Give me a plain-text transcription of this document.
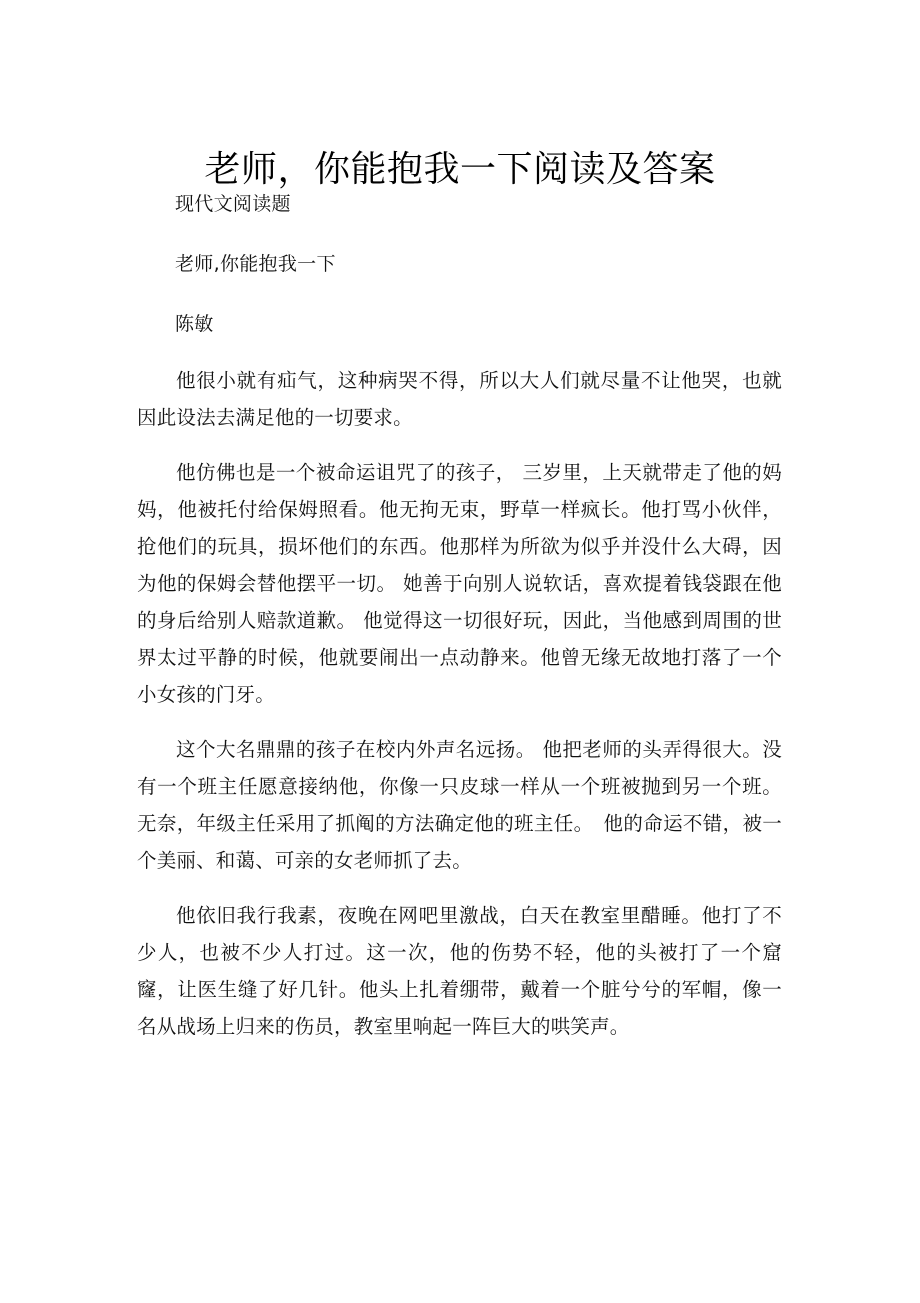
老师，你能抱我一下阅读及答案

现代文阅读题

老师,你能抱我一下

陈敏

他很小就有疝气，这种病哭不得，所以大人们就尽量不让他哭，也就因此设法去满足他的一切要求。

他仿佛也是一个被命运诅咒了的孩子， 三岁里，上天就带走了他的妈妈，他被托付给保姆照看。他无拘无束，野草一样疯长。他打骂小伙伴，抢他们的玩具，损坏他们的东西。他那样为所欲为似乎并没什么大碍，因为他的保姆会替他摆平一切。 她善于向别人说软话，喜欢提着钱袋跟在他的身后给别人赔款道歉。 他觉得这一切很好玩，因此，当他感到周围的世界太过平静的时候，他就要闹出一点动静来。他曾无缘无故地打落了一个小女孩的门牙。

这个大名鼎鼎的孩子在校内外声名远扬。 他把老师的头弄得很大。没有一个班主任愿意接纳他，你像一只皮球一样从一个班被抛到另一个班。无奈，年级主任采用了抓阄的方法确定他的班主任。　他的命运不错，被一个美丽、和蔼、可亲的女老师抓了去。

他依旧我行我素，夜晚在网吧里激战，白天在教室里醋睡。他打了不少人，也被不少人打过。这一次，他的伤势不轻，他的头被打了一个窟窿，让医生缝了好几针。他头上扎着绷带，戴着一个脏兮兮的军帽，像一名从战场上归来的伤员，教室里响起一阵巨大的哄笑声。
